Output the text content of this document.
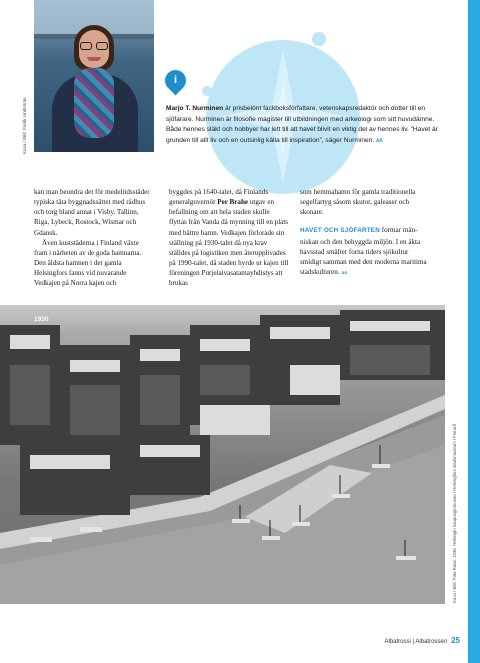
Kuva / Bild: Patrik Lindström
i
Marjo T. Nurminen är prisbelönt fackboksförfattare, vetenskapsredaktör och dotter till en sjöfarare. Nurminen är filosofie magister till utbildningen med arkeologi som sitt huvudämne. Både hennes släkt och hobbyer har lett till att havet blivit en viktig del av hennes liv. ”Havet är grunden till allt liv och en outsinlig källa till inspiration”, säger Nurminen. ᴧᴧ

kan man beundra det för medeltidsstäder typiska täta byggnadssättet med rådhus och torg bland annat i Visby, Tallinn, Riga, Lybeck, Rostock, Wismar och Gdansk.

Även kuststäderna i Finland växte fram i närheten av de goda hamnarna. Den äldsta hamnen i det gamla Helsingfors fanns vid nuvarande Vedkajen på Norra kajen och

byggdes på 1640-talet, då Finlands generalguvernör Per Brahe utgav en befallning om att hela staden skulle flyttas från Vanda då mynning till en plats med bättre hamn. Vedkajen förlorade sin ställning på 1930-talet då nya krav ställdes på logistiken men återupplivades på 1990-talet, då staden hyrde ut kajen till föreningen Purjelaivasatamayhdistys att brukas

som hemmahamn för gamla traditionella segelfartyg såsom skutor, galeaser och skonare.

HAVET OCH SJÖFARTEN formar människan och den behyggda miljön. I en äkta havsstad smälter forna tiders sjökultur smidigt samman med den moderna maritima stadskulturen. ᴧᴧ

1930
Kuva / Bild: Foto Roos, 1930, Helsingin kaupunginmuseo / Helsingfors stadsmuseum / Finna.fi
Albatrossi | Albatrossen 25
